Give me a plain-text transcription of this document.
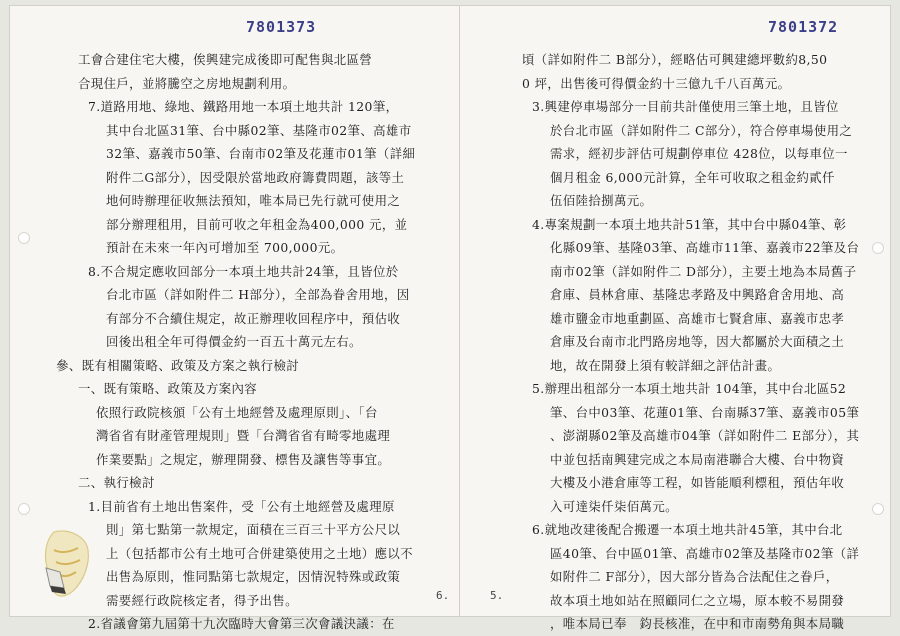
7801373
工會合建住宅大樓，俟興建完成後即可配售與北區營
合現住戶，並將騰空之房地規劃利用。
7.道路用地、綠地、鐵路用地一本項土地共計 120筆，
其中台北區31筆、台中縣02筆、基隆市02筆、高雄市
32筆、嘉義市50筆、台南市02筆及花蓮市01筆（詳細
附件二G部分），因受限於當地政府籌費問題，該等土
地何時辦理征收無法預知，唯本局已先行就可使用之
部分辦理租用，目前可收之年租金為400,000 元，並
預計在未來一年內可增加至 700,000元。
8.不合規定應收回部分一本項土地共計24筆，且皆位於
台北市區（詳如附件二 H部分），全部為眷舍用地，因
有部分不合續住規定，故正辦理收回程序中，預估收
回後出租全年可得價金約一百五十萬元左右。
參、既有相關策略、政策及方案之執行檢討
一、既有策略、政策及方案內容
依照行政院核頒「公有土地經營及處理原則」、「台
灣省省有財產管理規則」暨「台灣省省有畸零地處理
作業要點」之規定，辦理開發、標售及讓售等事宜。
二、執行檢討
1.目前省有土地出售案件，受「公有土地經營及處理原
則」第七點第一款規定，面積在三百三十平方公尺以
上（包括都市公有土地可合併建築使用之土地）應以不
出售為原則，惟同點第七款規定，因情況特殊或政策
需要經行政院核定者，得予出售。
2.省議會第九屆第十九次臨時大會第三次會議決議：在
6.
7801372
頃（詳如附件二 B部分），經略估可興建總坪數約8,50
0 坪，出售後可得價金約十三億九千八百萬元。
3.興建停車場部分一目前共計僅使用三筆土地，且皆位
於台北市區（詳如附件二 C部分），符合停車場使用之
需求，經初步評估可規劃停車位 428位，以每車位一
個月租金 6,000元計算，全年可收取之租金約貳仟
伍佰陸拾捌萬元。
4.專案規劃一本項土地共計51筆，其中台中縣04筆、彰
化縣09筆、基隆03筆、高雄市11筆、嘉義市22筆及台
南市02筆（詳如附件二 D部分），主要土地為本局舊子
倉庫、員林倉庫、基隆忠孝路及中興路倉舍用地、高
雄市鹽金市地重劃區、高雄市七賢倉庫、嘉義市忠孝
倉庫及台南市北門路房地等，因大都屬於大面積之土
地，故在開發上須有較詳細之評估計畫。
5.辦理出租部分一本項土地共計 104筆，其中台北區52
筆、台中03筆、花蓮01筆、台南縣37筆、嘉義市05筆
、澎湖縣02筆及高雄市04筆（詳如附件二 E部分），其
中並包括南興建完成之本局南港聯合大樓、台中物資
大樓及小港倉庫等工程，如皆能順利標租，預估年收
入可達柒仟柒佰萬元。
6.就地改建後配合搬遷一本項土地共計45筆，其中台北
區40筆、台中區01筆、高雄市02筆及基隆市02筆（詳
如附件二 F部分），因大部分皆為合法配住之眷戶，
故本項土地如站在照顧同仁之立場，原本較不易開發
，唯本局已奉　鈞長核准，在中和市南勢角與本局職
5.
